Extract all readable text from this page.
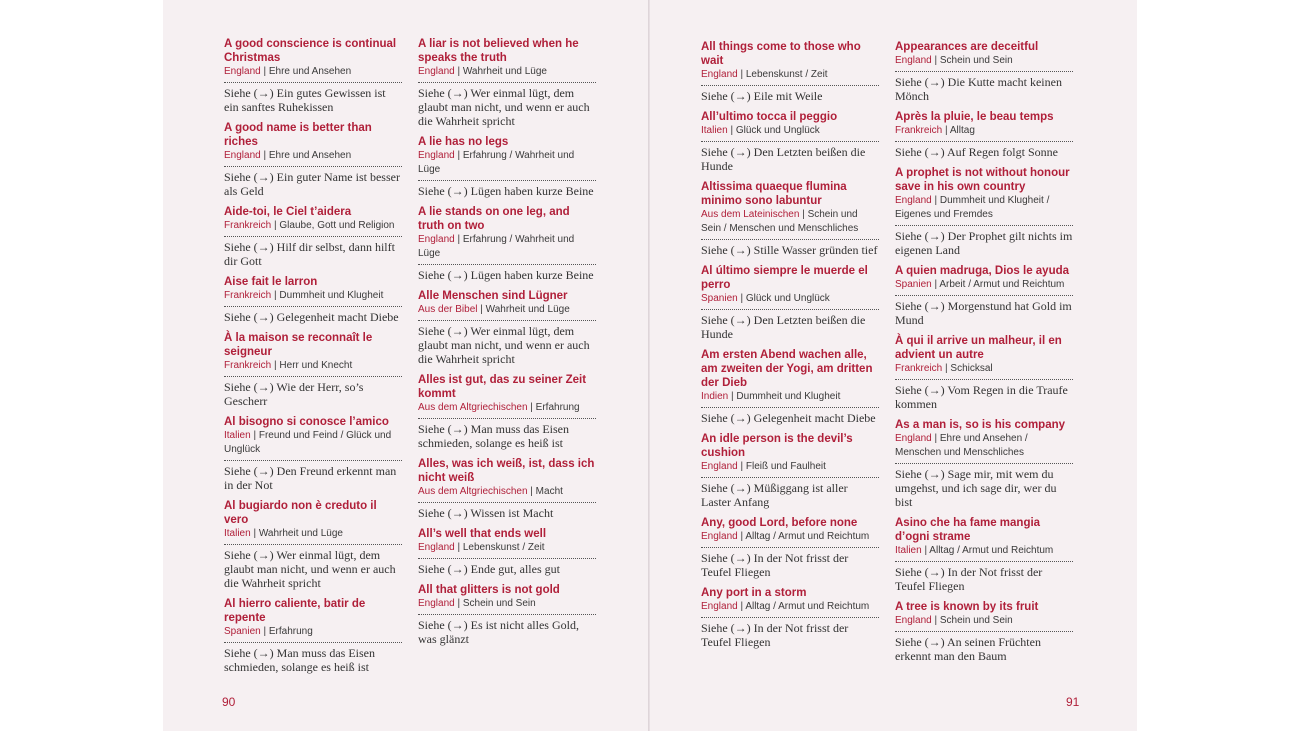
A good conscience is continual Christmas
England | Ehre und Ansehen
Siehe (→) Ein gutes Gewissen ist ein sanftes Ruhekissen
A good name is better than riches
England | Ehre und Ansehen
Siehe (→) Ein guter Name ist besser als Geld
Aide-toi, le Ciel t’aidera
Frankreich | Glaube, Gott und Religion
Siehe (→) Hilf dir selbst, dann hilft dir Gott
Aise fait le larron
Frankreich | Dummheit und Klugheit
Siehe (→) Gelegenheit macht Diebe
À la maison se reconnaît le seigneur
Frankreich | Herr und Knecht
Siehe (→) Wie der Herr, so’s Gescherr
Al bisogno si conosce l’amico
Italien | Freund und Feind / Glück und Unglück
Siehe (→) Den Freund erkennt man in der Not
Al bugiardo non è creduto il vero
Italien | Wahrheit und Lüge
Siehe (→) Wer einmal lügt, dem glaubt man nicht, und wenn er auch die Wahrheit spricht
Al hierro caliente, batir de repente
Spanien | Erfahrung
Siehe (→) Man muss das Eisen schmieden, solange es heiß ist
A liar is not believed when he speaks the truth
England | Wahrheit und Lüge
Siehe (→) Wer einmal lügt, dem glaubt man nicht, und wenn er auch die Wahrheit spricht
A lie has no legs
England | Erfahrung / Wahrheit und Lüge
Siehe (→) Lügen haben kurze Beine
A lie stands on one leg, and truth on two
England | Erfahrung / Wahrheit und Lüge
Siehe (→) Lügen haben kurze Beine
Alle Menschen sind Lügner
Aus der Bibel | Wahrheit und Lüge
Siehe (→) Wer einmal lügt, dem glaubt man nicht, und wenn er auch die Wahrheit spricht
Alles ist gut, das zu seiner Zeit kommt
Aus dem Altgriechischen | Erfahrung
Siehe (→) Man muss das Eisen schmieden, solange es heiß ist
Alles, was ich weiß, ist, dass ich nicht weiß
Aus dem Altgriechischen | Macht
Siehe (→) Wissen ist Macht
All’s well that ends well
England | Lebenskunst / Zeit
Siehe (→) Ende gut, alles gut
All that glitters is not gold
England | Schein und Sein
Siehe (→) Es ist nicht alles Gold, was glänzt
90
All things come to those who wait
England | Lebenskunst / Zeit
Siehe (→) Eile mit Weile
All’ultimo tocca il peggio
Italien | Glück und Unglück
Siehe (→) Den Letzten beißen die Hunde
Altissima quaeque flumina minimo sono labuntur
Aus dem Lateinischen | Schein und Sein / Menschen und Menschliches
Siehe (→) Stille Wasser gründen tief
Al último siempre le muerde el perro
Spanien | Glück und Unglück
Siehe (→) Den Letzten beißen die Hunde
Am ersten Abend wachen alle, am zweiten der Yogi, am dritten der Dieb
Indien | Dummheit und Klugheit
Siehe (→) Gelegenheit macht Diebe
An idle person is the devil’s cushion
England | Fleiß und Faulheit
Siehe (→) Müßiggang ist aller Laster Anfang
Any, good Lord, before none
England | Alltag / Armut und Reichtum
Siehe (→) In der Not frisst der Teufel Fliegen
Any port in a storm
England | Alltag / Armut und Reichtum
Siehe (→) In der Not frisst der Teufel Fliegen
Appearances are deceitful
England | Schein und Sein
Siehe (→) Die Kutte macht keinen Mönch
Après la pluie, le beau temps
Frankreich | Alltag
Siehe (→) Auf Regen folgt Sonne
A prophet is not without honour save in his own country
England | Dummheit und Klugheit / Eigenes und Fremdes
Siehe (→) Der Prophet gilt nichts im eigenen Land
A quien madruga, Dios le ayuda
Spanien | Arbeit / Armut und Reichtum
Siehe (→) Morgenstund hat Gold im Mund
À qui il arrive un malheur, il en advient un autre
Frankreich | Schicksal
Siehe (→) Vom Regen in die Traufe kommen
As a man is, so is his company
England | Ehre und Ansehen / Menschen und Menschliches
Siehe (→) Sage mir, mit wem du umgehst, und ich sage dir, wer du bist
Asino che ha fame mangia d’ogni strame
Italien | Alltag / Armut und Reichtum
Siehe (→) In der Not frisst der Teufel Fliegen
A tree is known by its fruit
England | Schein und Sein
Siehe (→) An seinen Früchten erkennt man den Baum
91
